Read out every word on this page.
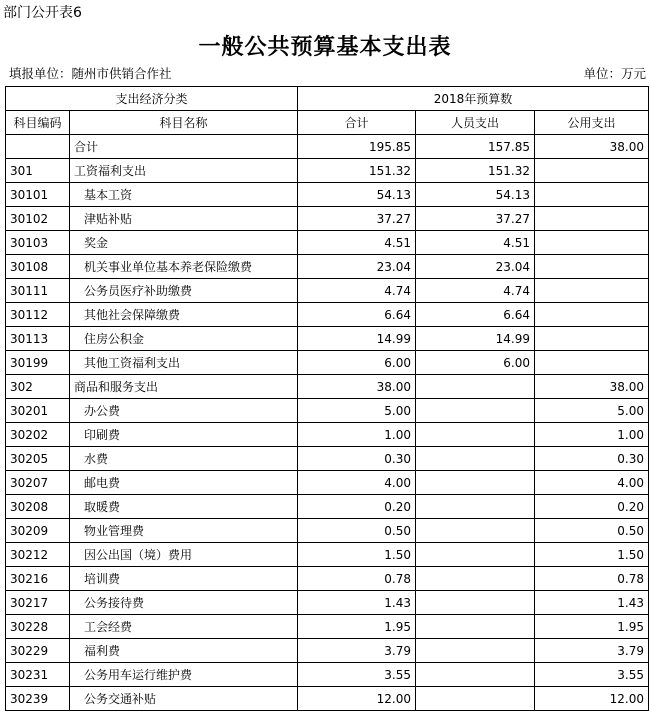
部门公开表6
一般公共预算基本支出表
填报单位：随州市供销合作社	单位：万元
支出经济分类		2018年预算数		
科目编码	科目名称	合计	人员支出	公用支出
	合计	195.85	157.85	38.00
301	工资福利支出	151.32	151.32	
30101	基本工资	54.13	54.13	
30102	津贴补贴	37.27	37.27	
30103	奖金	4.51	4.51	
30108	机关事业单位基本养老保险缴费	23.04	23.04	
30111	公务员医疗补助缴费	4.74	4.74	
30112	其他社会保障缴费	6.64	6.64	
30113	住房公积金	14.99	14.99	
30199	其他工资福利支出	6.00	6.00	
302	商品和服务支出	38.00		38.00
30201	办公费	5.00		5.00
30202	印刷费	1.00		1.00
30205	水费	0.30		0.30
30207	邮电费	4.00		4.00
30208	取暖费	0.20		0.20
30209	物业管理费	0.50		0.50
30212	因公出国（境）费用	1.50		1.50
30216	培训费	0.78		0.78
30217	公务接待费	1.43		1.43
30228	工会经费	1.95		1.95
30229	福利费	3.79		3.79
30231	公务用车运行维护费	3.55		3.55
30239	公务交通补贴	12.00		12.00
